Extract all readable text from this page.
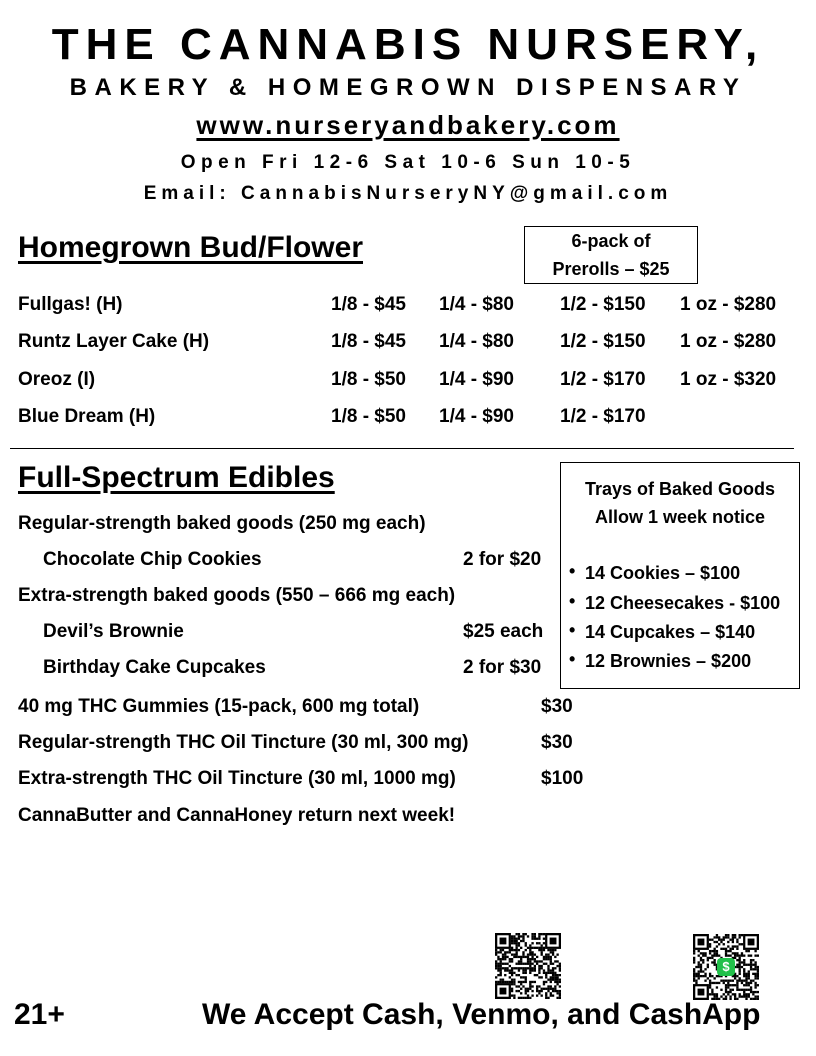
THE CANNABIS NURSERY,
BAKERY & HOMEGROWN DISPENSARY
www.nurseryandbakery.com
Open Fri 12-6 Sat 10-6 Sun 10-5
Email: CannabisNurseryNY@gmail.com
Homegrown Bud/Flower	6-pack of
Prerolls – $25
Fullgas! (H)	1/8 - $45 1/4 - $80 1/2 - $150 1 oz - $280
Runtz Layer Cake (H)	1/8 - $45 1/4 - $80 1/2 - $150 1 oz - $280
Oreoz (I)	1/8 - $50 1/4 - $90 1/2 - $170 1 oz - $320
Blue Dream (H)	1/8 - $50 1/4 - $90 1/2 - $170
Full-Spectrum Edibles
Regular-strength baked goods (250 mg each)
Chocolate Chip Cookies	2 for $20
Extra-strength baked goods (550 – 666 mg each)
Devil’s Brownie	$25 each
Birthday Cake Cupcakes	2 for $30
40 mg THC Gummies (15-pack, 600 mg total)	$30
Regular-strength THC Oil Tincture (30 ml, 300 mg)	$30
Extra-strength THC Oil Tincture (30 ml, 1000 mg)	$100
CannaButter and CannaHoney return next week!
Trays of Baked Goods
Allow 1 week notice
• 14 Cookies – $100
• 12 Cheesecakes - $100
• 14 Cupcakes – $140
• 12 Brownies – $200
$
21+	We Accept Cash, Venmo, and CashApp
